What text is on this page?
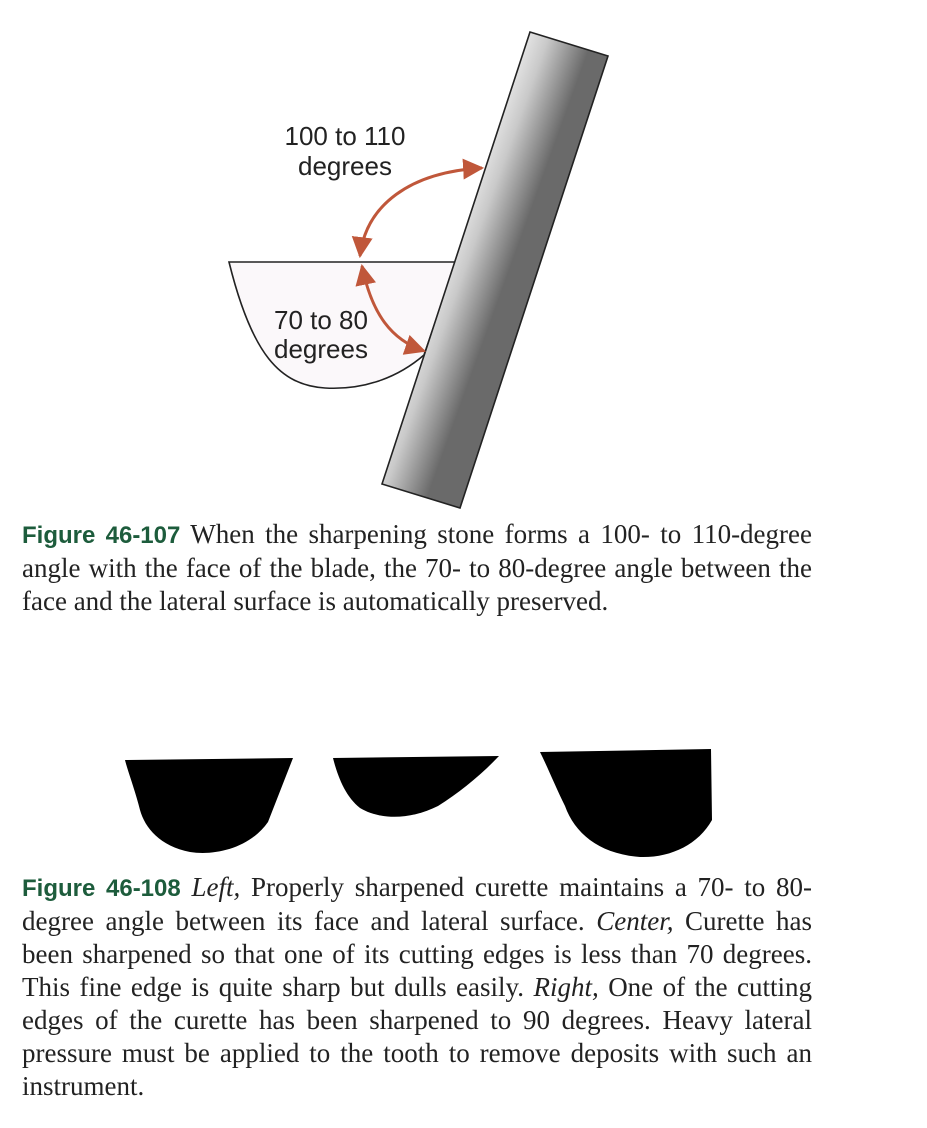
100 to 110
degrees
70 to 80
degrees

Figure 46-107 When the sharpening stone forms a 100- to 110-degree angle with the face of the blade, the 70- to 80-degree angle between the face and the lateral surface is automatically preserved.

Figure 46-108 Left, Properly sharpened curette maintains a 70- to 80-degree angle between its face and lateral surface. Center, Curette has been sharpened so that one of its cutting edges is less than 70 degrees. This fine edge is quite sharp but dulls easily. Right, One of the cutting edges of the curette has been sharpened to 90 degrees. Heavy lateral pressure must be applied to the tooth to remove deposits with such an instrument.
